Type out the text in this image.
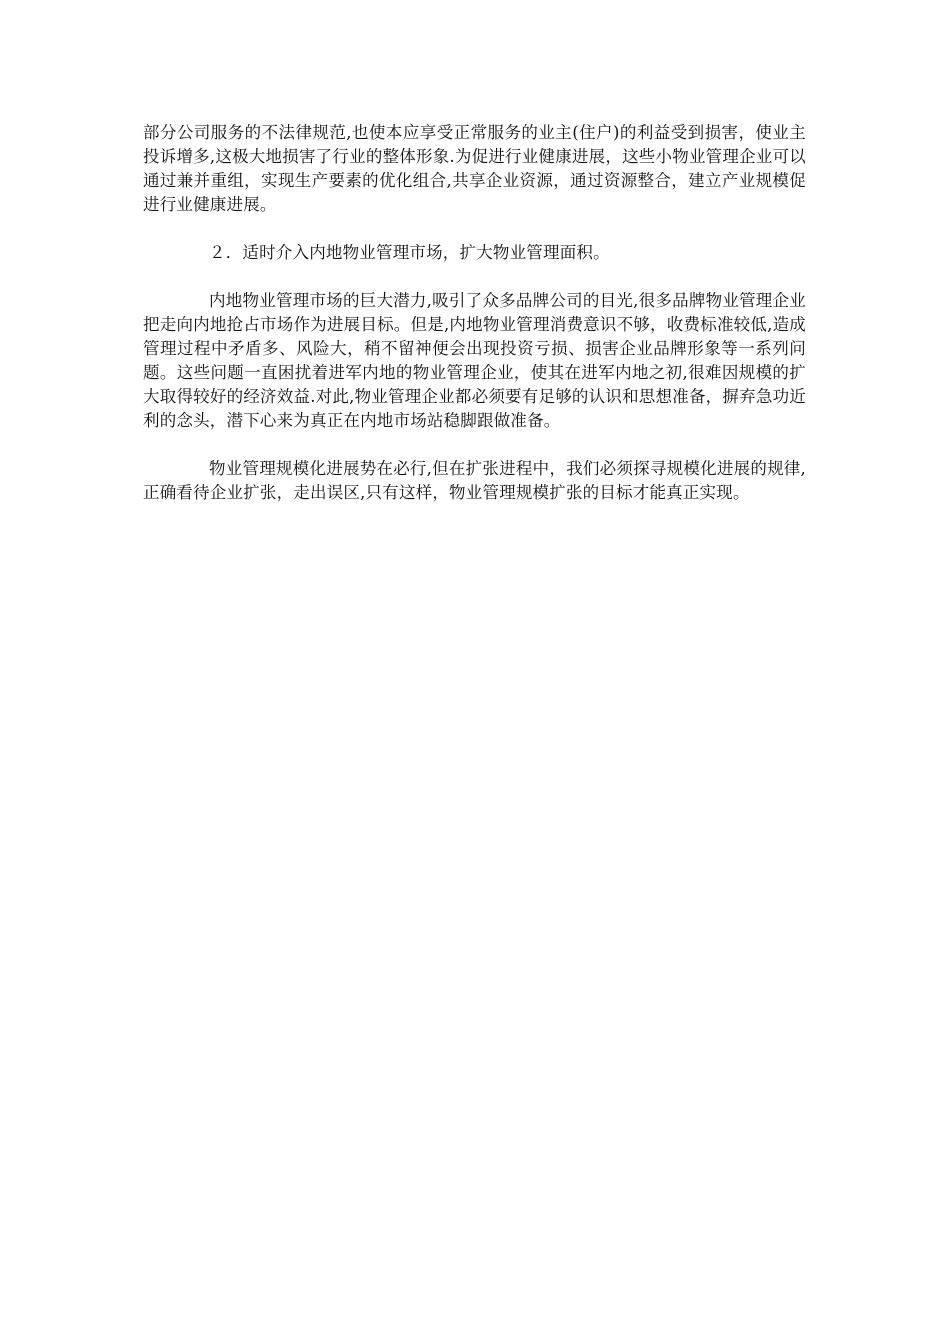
部分公司服务的不法律规范,也使本应享受正常服务的业主(住户)的利益受到损害，使业主投诉增多,这极大地损害了行业的整体形象.为促进行业健康进展，这些小物业管理企业可以通过兼并重组，实现生产要素的优化组合,共享企业资源，通过资源整合，建立产业规模促进行业健康进展。

２．适时介入内地物业管理市场，扩大物业管理面积。

内地物业管理市场的巨大潜力,吸引了众多品牌公司的目光,很多品牌物业管理企业把走向内地抢占市场作为进展目标。但是,内地物业管理消费意识不够，收费标准较低,造成管理过程中矛盾多、风险大，稍不留神便会出现投资亏损、损害企业品牌形象等一系列问题。这些问题一直困扰着进军内地的物业管理企业，使其在进军内地之初,很难因规模的扩大取得较好的经济效益.对此,物业管理企业都必须要有足够的认识和思想准备，摒弃急功近利的念头，潜下心来为真正在内地市场站稳脚跟做准备。

物业管理规模化进展势在必行,但在扩张进程中，我们必须探寻规模化进展的规律,正确看待企业扩张，走出误区,只有这样，物业管理规模扩张的目标才能真正实现。
